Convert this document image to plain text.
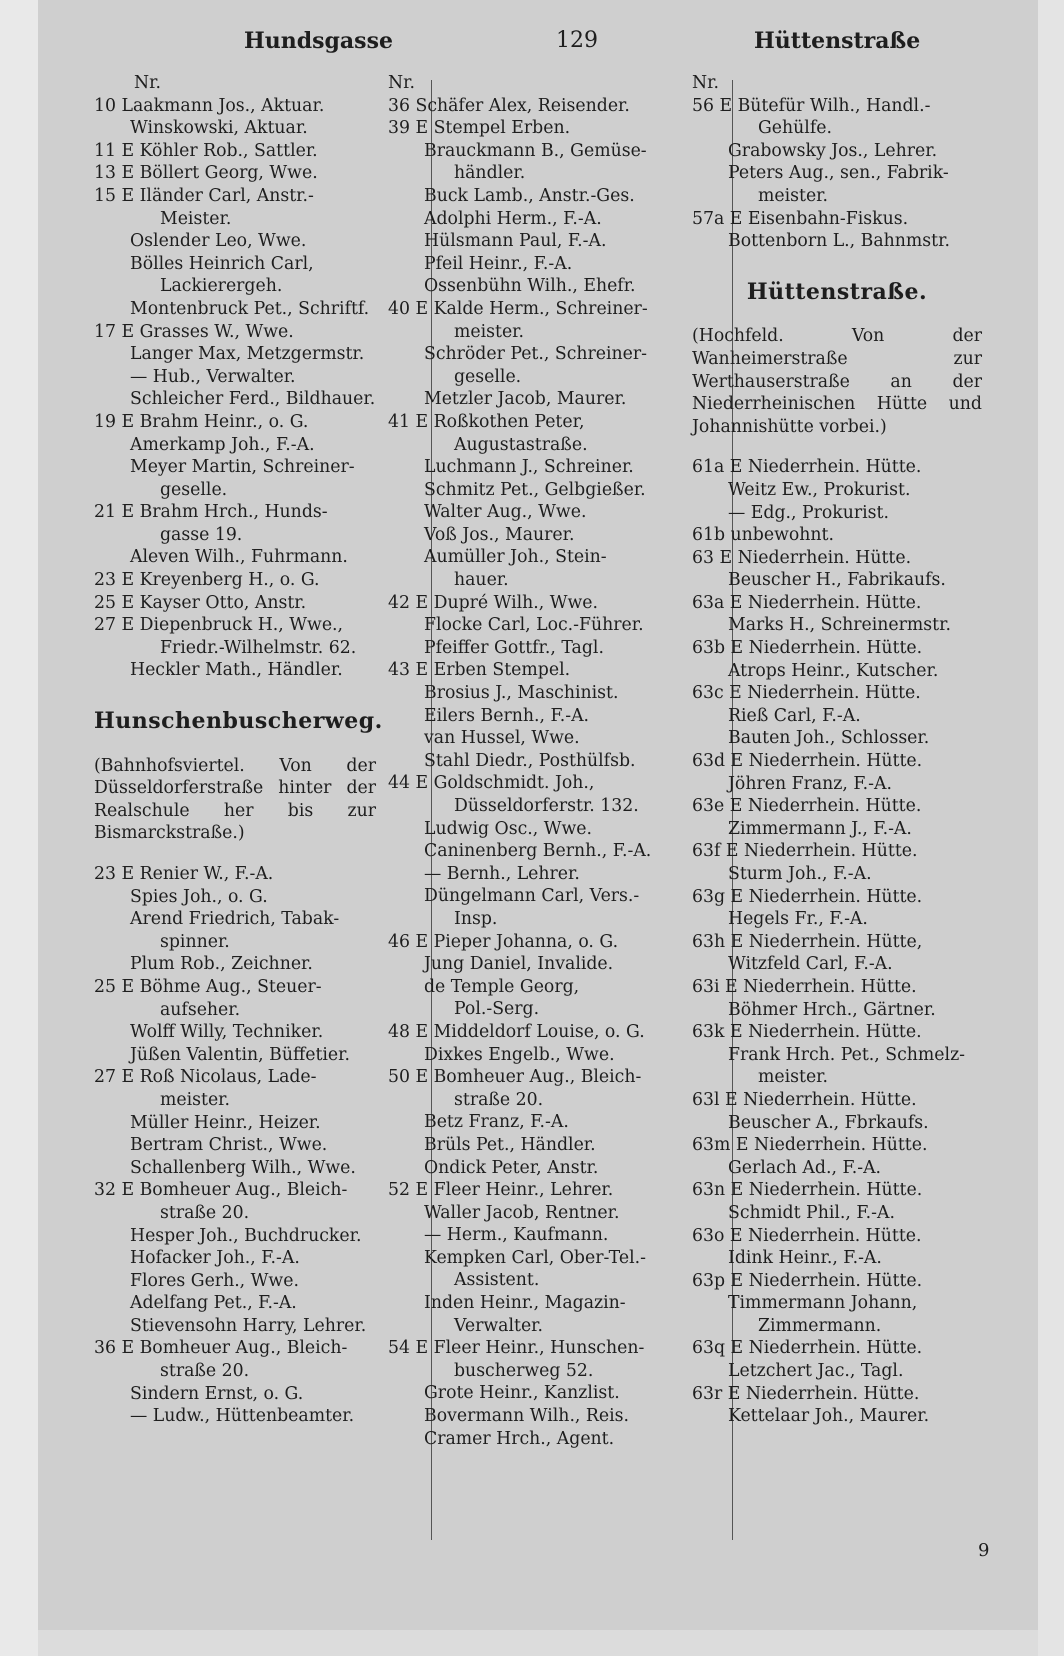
Hundsgasse	129	Hüttenstraße
Nr.
10 Laakmann Jos., Aktuar.
Winskowski, Aktuar.
11 E Köhler Rob., Sattler.
13 E Böllert Georg, Wwe.
15 E Iländer Carl, Anstr.-
Meister.
Oslender Leo, Wwe.
Bölles Heinrich Carl,
Lackierergeh.
Montenbruck Pet., Schriftf.
17 E Grasses W., Wwe.
Langer Max, Metzgermstr.
— Hub., Verwalter.
Schleicher Ferd., Bildhauer.
19 E Brahm Heinr., o. G.
Amerkamp Joh., F.-A.
Meyer Martin, Schreiner-
geselle.
21 E Brahm Hrch., Hunds-
gasse 19.
Aleven Wilh., Fuhrmann.
23 E Kreyenberg H., o. G.
25 E Kayser Otto, Anstr.
27 E Diepenbruck H., Wwe.,
Friedr.-Wilhelmstr. 62.
Heckler Math., Händler.
Hunschenbuscherweg.
(Bahnhofsviertel. Von der Düsseldorferstraße hinter der Realschule her bis zur Bismarckstraße.)
23 E Renier W., F.-A.
Spies Joh., o. G.
Arend Friedrich, Tabak-
spinner.
Plum Rob., Zeichner.
25 E Böhme Aug., Steuer-
aufseher.
Wolff Willy, Techniker.
Jüßen Valentin, Büffetier.
27 E Roß Nicolaus, Lade-
meister.
Müller Heinr., Heizer.
Bertram Christ., Wwe.
Schallenberg Wilh., Wwe.
32 E Bomheuer Aug., Bleich-
straße 20.
Hesper Joh., Buchdrucker.
Hofacker Joh., F.-A.
Flores Gerh., Wwe.
Adelfang Pet., F.-A.
Stievensohn Harry, Lehrer.
36 E Bomheuer Aug., Bleich-
straße 20.
Sindern Ernst, o. G.
— Ludw., Hüttenbeamter.
Nr.
36 Schäfer Alex, Reisender.
39 E Stempel Erben.
Brauckmann B., Gemüse-
händler.
Buck Lamb., Anstr.-Ges.
Adolphi Herm., F.-A.
Hülsmann Paul, F.-A.
Pfeil Heinr., F.-A.
Ossenbühn Wilh., Ehefr.
40 E Kalde Herm., Schreiner-
meister.
Schröder Pet., Schreiner-
geselle.
Metzler Jacob, Maurer.
41 E Roßkothen Peter,
Augustastraße.
Luchmann J., Schreiner.
Schmitz Pet., Gelbgießer.
Walter Aug., Wwe.
Voß Jos., Maurer.
Aumüller Joh., Stein-
hauer.
42 E Dupré Wilh., Wwe.
Flocke Carl, Loc.-Führer.
Pfeiffer Gottfr., Tagl.
43 E Erben Stempel.
Brosius J., Maschinist.
Eilers Bernh., F.-A.
van Hussel, Wwe.
Stahl Diedr., Posthülfsb.
44 E Goldschmidt. Joh.,
Düsseldorferstr. 132.
Ludwig Osc., Wwe.
Caninenberg Bernh., F.-A.
— Bernh., Lehrer.
Düngelmann Carl, Vers.-
Insp.
46 E Pieper Johanna, o. G.
Jung Daniel, Invalide.
de Temple Georg,
Pol.-Serg.
48 E Middeldorf Louise, o. G.
Dixkes Engelb., Wwe.
50 E Bomheuer Aug., Bleich-
straße 20.
Betz Franz, F.-A.
Brüls Pet., Händler.
Ondick Peter, Anstr.
52 E Fleer Heinr., Lehrer.
Waller Jacob, Rentner.
— Herm., Kaufmann.
Kempken Carl, Ober-Tel.-
Assistent.
Inden Heinr., Magazin-
Verwalter.
54 E Fleer Heinr., Hunschen-
buscherweg 52.
Grote Heinr., Kanzlist.
Bovermann Wilh., Reis.
Cramer Hrch., Agent.
Nr.
56 E Bütefür Wilh., Handl.-
Gehülfe.
Grabowsky Jos., Lehrer.
Peters Aug., sen., Fabrik-
meister.
57a E Eisenbahn-Fiskus.
Bottenborn L., Bahnmstr.
Hüttenstraße.
(Hochfeld. Von der Wanheimerstraße zur Werthauserstraße an der Niederrheinischen Hütte und Johannishütte vorbei.)
61a E Niederrhein. Hütte.
Weitz Ew., Prokurist.
— Edg., Prokurist.
61b unbewohnt.
63 E Niederrhein. Hütte.
Beuscher H., Fabrikaufs.
63a E Niederrhein. Hütte.
Marks H., Schreinermstr.
63b E Niederrhein. Hütte.
Atrops Heinr., Kutscher.
63c E Niederrhein. Hütte.
Rieß Carl, F.-A.
Bauten Joh., Schlosser.
63d E Niederrhein. Hütte.
Jöhren Franz, F.-A.
63e E Niederrhein. Hütte.
Zimmermann J., F.-A.
63f E Niederrhein. Hütte.
Sturm Joh., F.-A.
63g E Niederrhein. Hütte.
Hegels Fr., F.-A.
63h E Niederrhein. Hütte,
Witzfeld Carl, F.-A.
63i E Niederrhein. Hütte.
Böhmer Hrch., Gärtner.
63k E Niederrhein. Hütte.
Frank Hrch. Pet., Schmelz-
meister.
63l E Niederrhein. Hütte.
Beuscher A., Fbrkaufs.
63m E Niederrhein. Hütte.
Gerlach Ad., F.-A.
63n E Niederrhein. Hütte.
Schmidt Phil., F.-A.
63o E Niederrhein. Hütte.
Idink Heinr., F.-A.
63p E Niederrhein. Hütte.
Timmermann Johann,
Zimmermann.
63q E Niederrhein. Hütte.
Letzchert Jac., Tagl.
63r E Niederrhein. Hütte.
Kettelaar Joh., Maurer.
9
